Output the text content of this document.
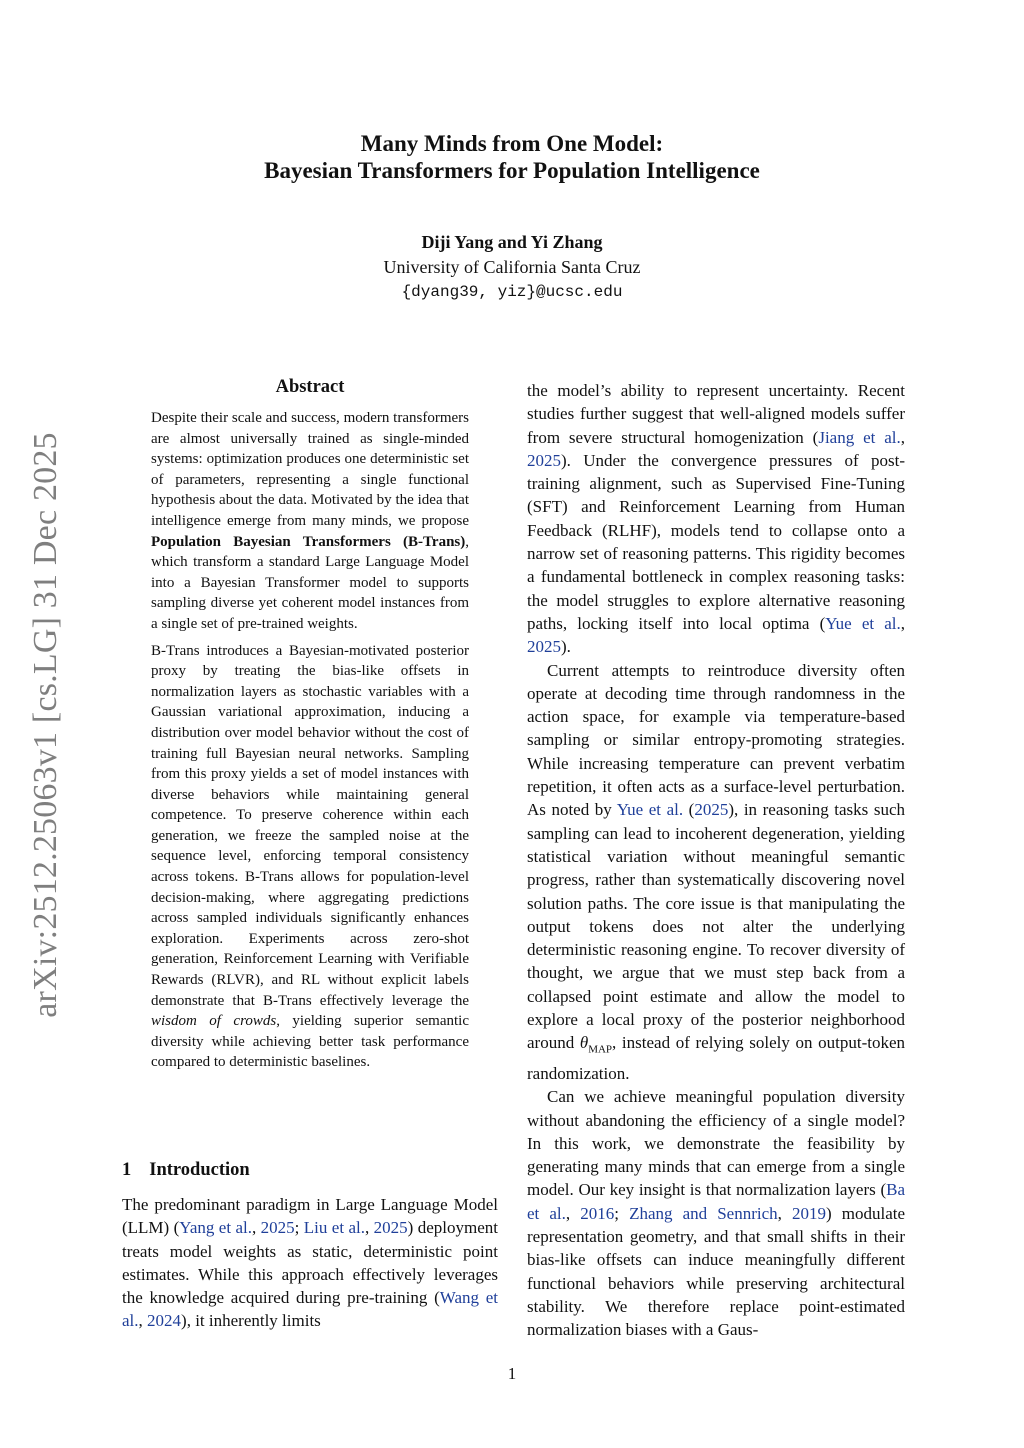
arXiv:2512.25063v1 [cs.LG] 31 Dec 2025
Many Minds from One Model:
Bayesian Transformers for Population Intelligence
Diji Yang and Yi Zhang
University of California Santa Cruz
{dyang39, yiz}@ucsc.edu
Abstract

Despite their scale and success, modern transformers are almost universally trained as single-minded systems: optimization produces one deterministic set of parameters, representing a single functional hypothesis about the data. Motivated by the idea that intelligence emerge from many minds, we propose Population Bayesian Transformers (B-Trans), which transform a standard Large Language Model into a Bayesian Transformer model to supports sampling diverse yet coherent model instances from a single set of pre-trained weights.

B-Trans introduces a Bayesian-motivated posterior proxy by treating the bias-like offsets in normalization layers as stochastic variables with a Gaussian variational approximation, inducing a distribution over model behavior without the cost of training full Bayesian neural networks. Sampling from this proxy yields a set of model instances with diverse behaviors while maintaining general competence. To preserve coherence within each generation, we freeze the sampled noise at the sequence level, enforcing temporal consistency across tokens. B-Trans allows for population-level decision-making, where aggregating predictions across sampled individuals significantly enhances exploration. Experiments across zero-shot generation, Reinforcement Learning with Verifiable Rewards (RLVR), and RL without explicit labels demonstrate that B-Trans effectively leverage the wisdom of crowds, yielding superior semantic diversity while achieving better task performance compared to deterministic baselines.

1 Introduction

The predominant paradigm in Large Language Model (LLM) (Yang et al., 2025; Liu et al., 2025) deployment treats model weights as static, deterministic point estimates. While this approach effectively leverages the knowledge acquired during pre-training (Wang et al., 2024), it inherently limits

the model’s ability to represent uncertainty. Recent studies further suggest that well-aligned models suffer from severe structural homogenization (Jiang et al., 2025). Under the convergence pressures of post-training alignment, such as Supervised Fine-Tuning (SFT) and Reinforcement Learning from Human Feedback (RLHF), models tend to collapse onto a narrow set of reasoning patterns. This rigidity becomes a fundamental bottleneck in complex reasoning tasks: the model struggles to explore alternative reasoning paths, locking itself into local optima (Yue et al., 2025).

Current attempts to reintroduce diversity often operate at decoding time through randomness in the action space, for example via temperature-based sampling or similar entropy-promoting strategies. While increasing temperature can prevent verbatim repetition, it often acts as a surface-level perturbation. As noted by Yue et al. (2025), in reasoning tasks such sampling can lead to incoherent degeneration, yielding statistical variation without meaningful semantic progress, rather than systematically discovering novel solution paths. The core issue is that manipulating the output tokens does not alter the underlying deterministic reasoning engine. To recover diversity of thought, we argue that we must step back from a collapsed point estimate and allow the model to explore a local proxy of the posterior neighborhood around $\theta_{MAP}$, instead of relying solely on output-token randomization.

Can we achieve meaningful population diversity without abandoning the efficiency of a single model? In this work, we demonstrate the feasibility by generating many minds that can emerge from a single model. Our key insight is that normalization layers (Ba et al., 2016; Zhang and Sennrich, 2019) modulate representation geometry, and that small shifts in their bias-like offsets can induce meaningfully different functional behaviors while preserving architectural stability. We therefore replace point-estimated normalization biases with a Gaus-

1
